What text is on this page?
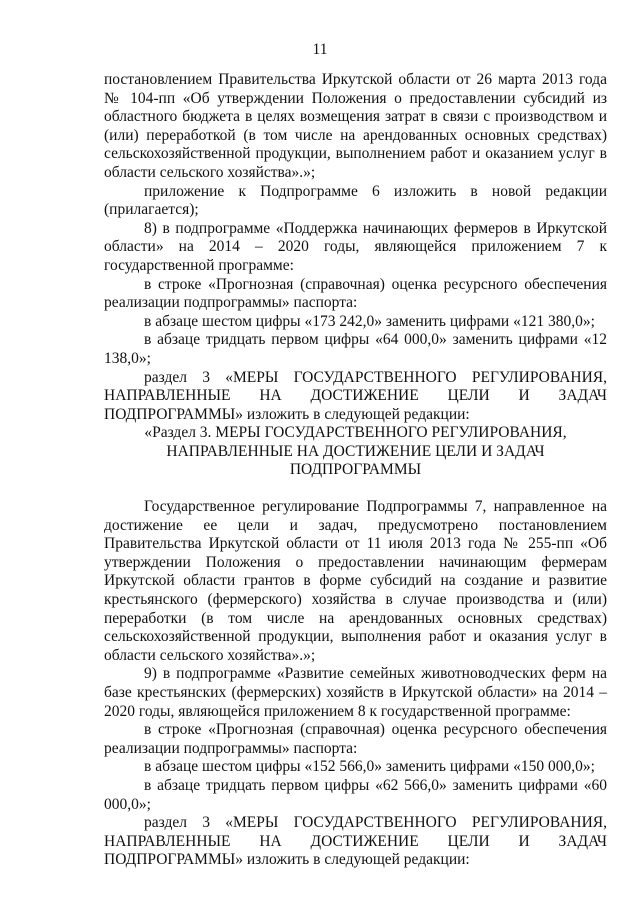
11

постановлением Правительства Иркутской области от 26 марта 2013 года № 104-пп «Об утверждении Положения о предоставлении субсидий из областного бюджета в целях возмещения затрат в связи с производством и (или) переработкой (в том числе на арендованных основных средствах) сельскохозяйственной продукции, выполнением работ и оказанием услуг в области сельского хозяйства».»;

приложение к Подпрограмме 6 изложить в новой редакции (прилагается);

8) в подпрограмме «Поддержка начинающих фермеров в Иркутской области» на 2014 – 2020 годы, являющейся приложением 7 к государственной программе:

в строке «Прогнозная (справочная) оценка ресурсного обеспечения реализации подпрограммы» паспорта:

в абзаце шестом цифры «173 242,0» заменить цифрами «121 380,0»;

в абзаце тридцать первом цифры «64 000,0» заменить цифрами «12 138,0»;

раздел 3 «МЕРЫ ГОСУДАРСТВЕННОГО РЕГУЛИРОВАНИЯ, НАПРАВЛЕННЫЕ НА ДОСТИЖЕНИЕ ЦЕЛИ И ЗАДАЧ ПОДПРОГРАММЫ» изложить в следующей редакции:

«Раздел 3. МЕРЫ ГОСУДАРСТВЕННОГО РЕГУЛИРОВАНИЯ, НАПРАВЛЕННЫЕ НА ДОСТИЖЕНИЕ ЦЕЛИ И ЗАДАЧ ПОДПРОГРАММЫ

Государственное регулирование Подпрограммы 7, направленное на достижение ее цели и задач, предусмотрено постановлением Правительства Иркутской области от 11 июля 2013 года № 255-пп «Об утверждении Положения о предоставлении начинающим фермерам Иркутской области грантов в форме субсидий на создание и развитие крестьянского (фермерского) хозяйства в случае производства и (или) переработки (в том числе на арендованных основных средствах) сельскохозяйственной продукции, выполнения работ и оказания услуг в области сельского хозяйства».»;

9) в подпрограмме «Развитие семейных животноводческих ферм на базе крестьянских (фермерских) хозяйств в Иркутской области» на 2014 – 2020 годы, являющейся приложением 8 к государственной программе:

в строке «Прогнозная (справочная) оценка ресурсного обеспечения реализации подпрограммы» паспорта:

в абзаце шестом цифры «152 566,0» заменить цифрами «150 000,0»;

в абзаце тридцать первом цифры «62 566,0» заменить цифрами «60 000,0»;

раздел 3 «МЕРЫ ГОСУДАРСТВЕННОГО РЕГУЛИРОВАНИЯ, НАПРАВЛЕННЫЕ НА ДОСТИЖЕНИЕ ЦЕЛИ И ЗАДАЧ ПОДПРОГРАММЫ» изложить в следующей редакции:
